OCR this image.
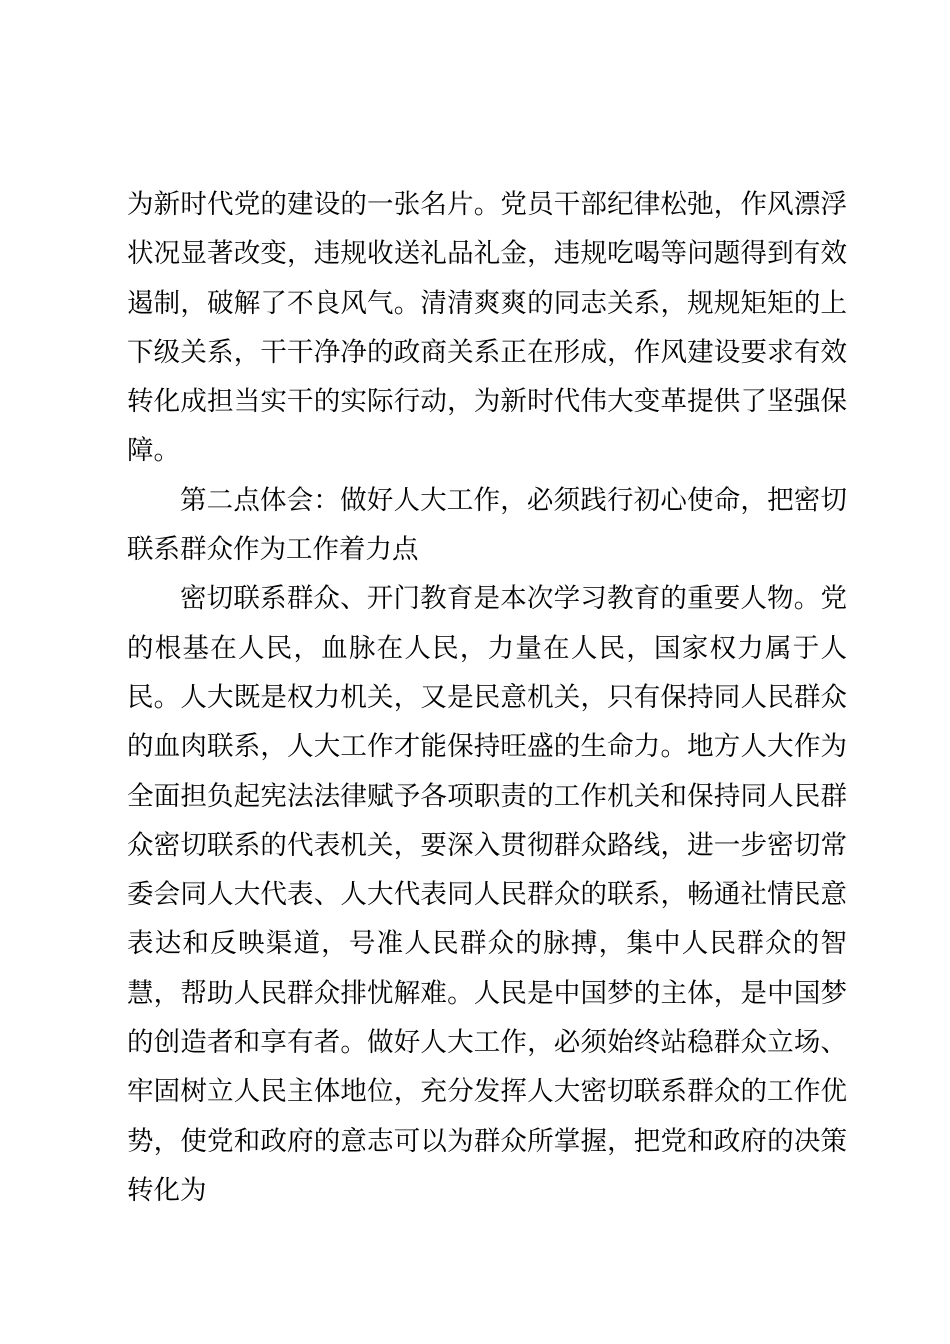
为新时代党的建设的一张名片。党员干部纪律松弛，作风漂浮状况显著改变，违规收送礼品礼金，违规吃喝等问题得到有效遏制，破解了不良风气。清清爽爽的同志关系，规规矩矩的上下级关系，干干净净的政商关系正在形成，作风建设要求有效转化成担当实干的实际行动，为新时代伟大变革提供了坚强保障。

第二点体会：做好人大工作，必须践行初心使命，把密切联系群众作为工作着力点

密切联系群众、开门教育是本次学习教育的重要人物。党的根基在人民，血脉在人民，力量在人民，国家权力属于人民。人大既是权力机关，又是民意机关，只有保持同人民群众的血肉联系，人大工作才能保持旺盛的生命力。地方人大作为全面担负起宪法法律赋予各项职责的工作机关和保持同人民群众密切联系的代表机关，要深入贯彻群众路线，进一步密切常委会同人大代表、人大代表同人民群众的联系，畅通社情民意表达和反映渠道，号准人民群众的脉搏，集中人民群众的智慧，帮助人民群众排忧解难。人民是中国梦的主体，是中国梦的创造者和享有者。做好人大工作，必须始终站稳群众立场、牢固树立人民主体地位，充分发挥人大密切联系群众的工作优势，使党和政府的意志可以为群众所掌握，把党和政府的决策转化为
